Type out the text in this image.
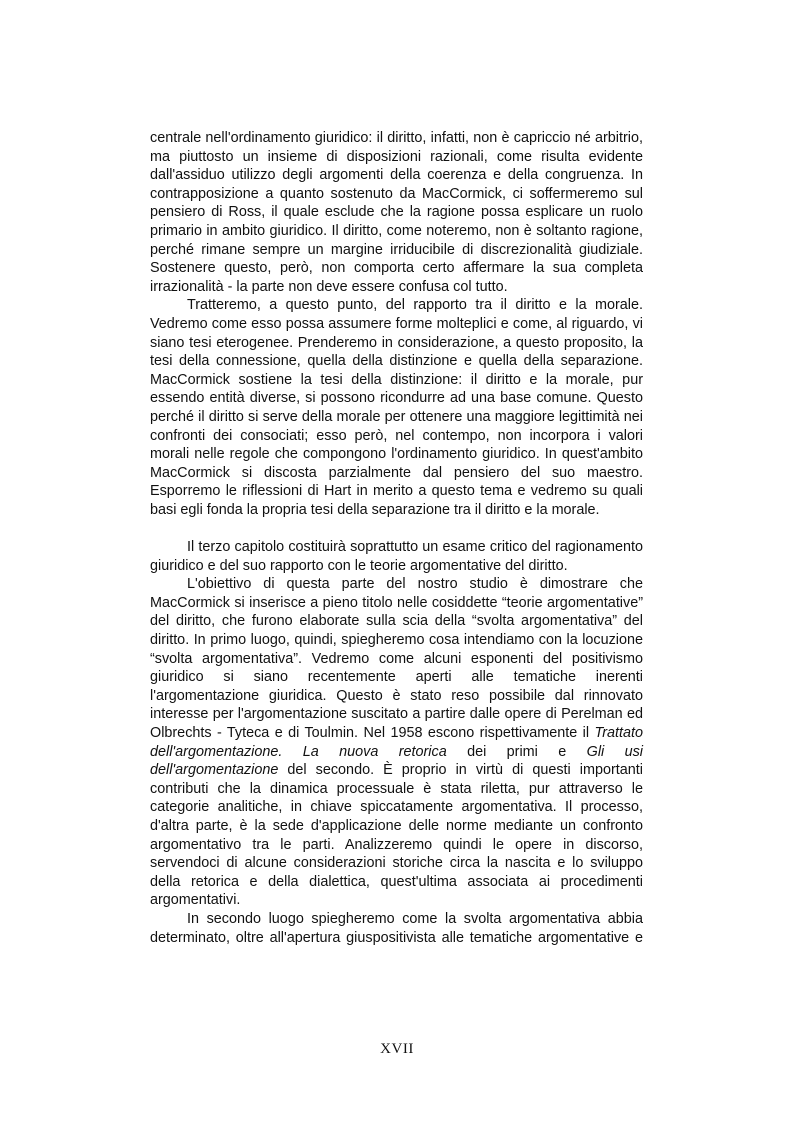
centrale nell'ordinamento giuridico: il diritto, infatti, non è capriccio né arbitrio, ma piuttosto un insieme di disposizioni razionali, come risulta evidente dall'assiduo utilizzo degli argomenti della coerenza e della congruenza. In contrapposizione a quanto sostenuto da MacCormick, ci soffermeremo sul pensiero di Ross, il quale esclude che la ragione possa esplicare un ruolo primario in ambito giuridico. Il diritto, come noteremo, non è soltanto ragione, perché rimane sempre un margine irriducibile di discrezionalità giudiziale. Sostenere questo, però, non comporta certo affermare la sua completa irrazionalità - la parte non deve essere confusa col tutto.

Tratteremo, a questo punto, del rapporto tra il diritto e la morale. Vedremo come esso possa assumere forme molteplici e come, al riguardo, vi siano tesi eterogenee. Prenderemo in considerazione, a questo proposito, la tesi della connessione, quella della distinzione e quella della separazione. MacCormick sostiene la tesi della distinzione: il diritto e la morale, pur essendo entità diverse, si possono ricondurre ad una base comune. Questo perché il diritto si serve della morale per ottenere una maggiore legittimità nei confronti dei consociati; esso però, nel contempo, non incorpora i valori morali nelle regole che compongono l'ordinamento giuridico. In quest'ambito MacCormick si discosta parzialmente dal pensiero del suo maestro. Esporremo le riflessioni di Hart in merito a questo tema e vedremo su quali basi egli fonda la propria tesi della separazione tra il diritto e la morale.

Il terzo capitolo costituirà soprattutto un esame critico del ragionamento giuridico e del suo rapporto con le teorie argomentative del diritto.

L'obiettivo di questa parte del nostro studio è dimostrare che MacCormick si inserisce a pieno titolo nelle cosiddette “teorie argomentative” del diritto, che furono elaborate sulla scia della “svolta argomentativa” del diritto. In primo luogo, quindi, spiegheremo cosa intendiamo con la locuzione “svolta argomentativa”. Vedremo come alcuni esponenti del positivismo giuridico si siano recentemente aperti alle tematiche inerenti l'argomentazione giuridica. Questo è stato reso possibile dal rinnovato interesse per l'argomentazione suscitato a partire dalle opere di Perelman ed Olbrechts - Tyteca e di Toulmin. Nel 1958 escono rispettivamente il Trattato dell'argomentazione. La nuova retorica dei primi e Gli usi dell'argomentazione del secondo. È proprio in virtù di questi importanti contributi che la dinamica processuale è stata riletta, pur attraverso le categorie analitiche, in chiave spiccatamente argomentativa. Il processo, d'altra parte, è la sede d'applicazione delle norme mediante un confronto argomentativo tra le parti. Analizzeremo quindi le opere in discorso, servendoci di alcune considerazioni storiche circa la nascita e lo sviluppo della retorica e della dialettica, quest'ultima associata ai procedimenti argomentativi.

In secondo luogo spiegheremo come la svolta argomentativa abbia determinato, oltre all'apertura giuspositivista alle tematiche argomentative e

XVII
